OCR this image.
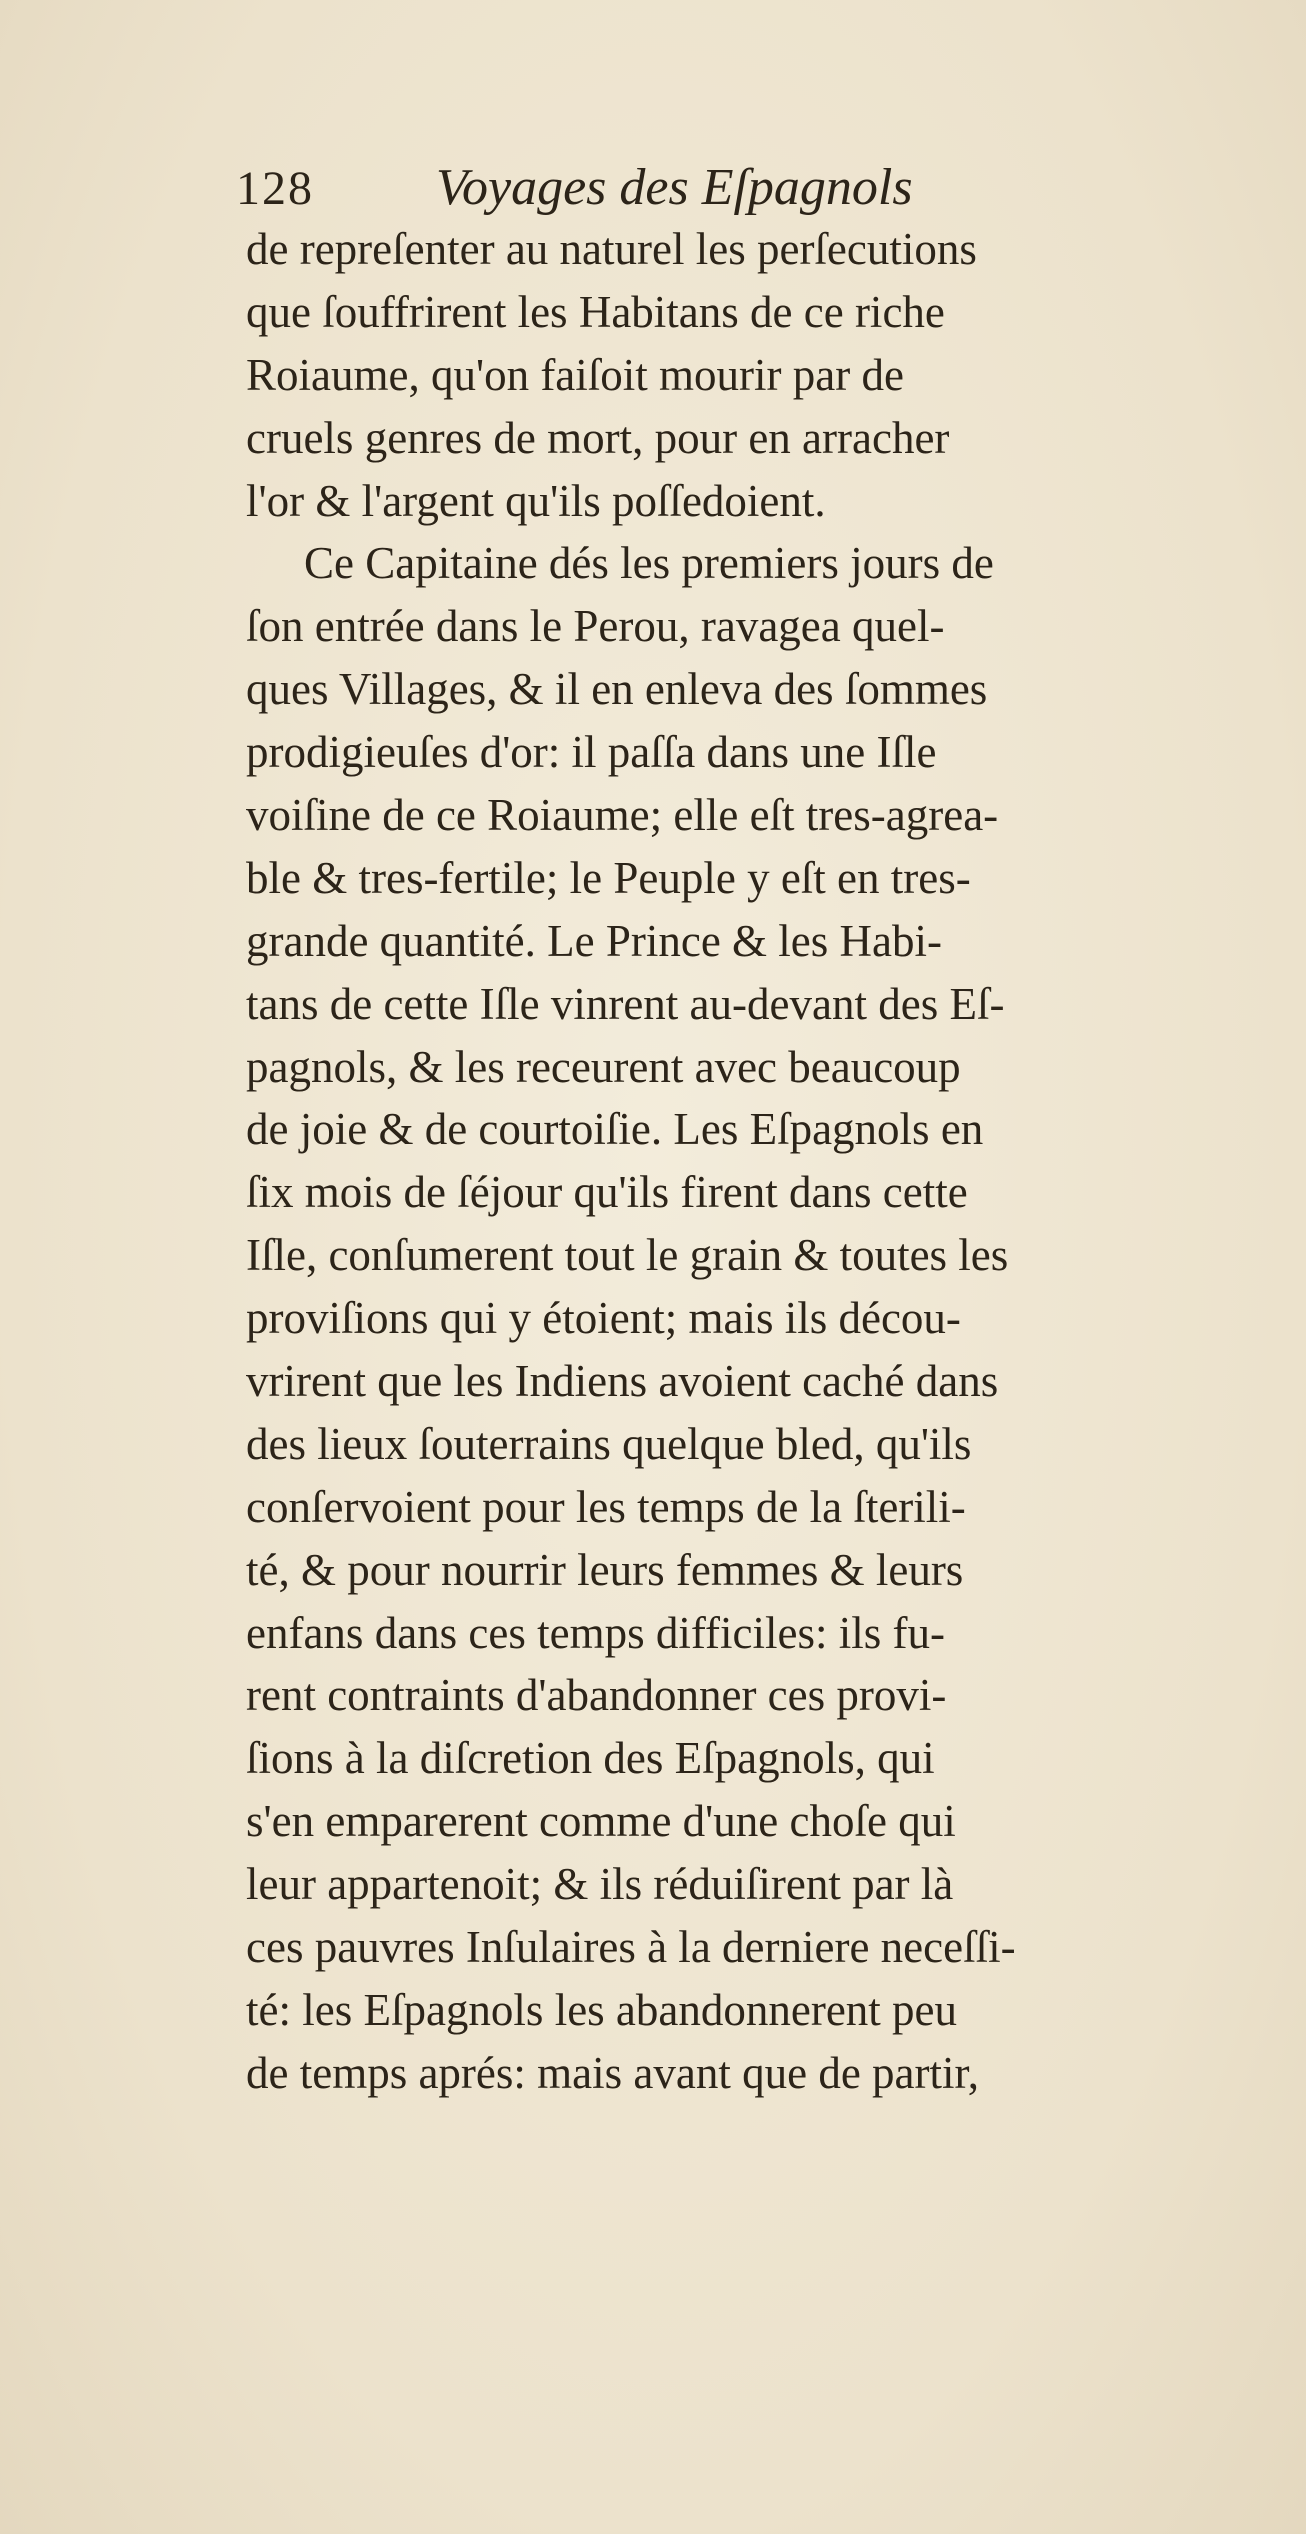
128	Voyages des Eſpagnols
de repreſenter au naturel les perſecutions
que ſouffrirent les Habitans de ce riche
Roiaume, qu'on faiſoit mourir par de
cruels genres de mort, pour en arracher
l'or & l'argent qu'ils poſſedoient.
Ce Capitaine dés les premiers jours de
ſon entrée dans le Perou, ravagea quel-
ques Villages, & il en enleva des ſommes
prodigieuſes d'or: il paſſa dans une Iſle
voiſine de ce Roiaume; elle eſt tres-agrea-
ble & tres-fertile; le Peuple y eſt en tres-
grande quantité. Le Prince & les Habi-
tans de cette Iſle vinrent au-devant des Eſ-
pagnols, & les receurent avec beaucoup
de joie & de courtoiſie. Les Eſpagnols en
ſix mois de ſéjour qu'ils firent dans cette
Iſle, conſumerent tout le grain & toutes les
proviſions qui y étoient; mais ils décou-
vrirent que les Indiens avoient caché dans
des lieux ſouterrains quelque bled, qu'ils
conſervoient pour les temps de la ſterili-
té, & pour nourrir leurs femmes & leurs
enfans dans ces temps difficiles: ils fu-
rent contraints d'abandonner ces provi-
ſions à la diſcretion des Eſpagnols, qui
s'en emparerent comme d'une choſe qui
leur appartenoit; & ils réduiſirent par là
ces pauvres Inſulaires à la derniere neceſſi-
té: les Eſpagnols les abandonnerent peu
de temps aprés: mais avant que de partir,
